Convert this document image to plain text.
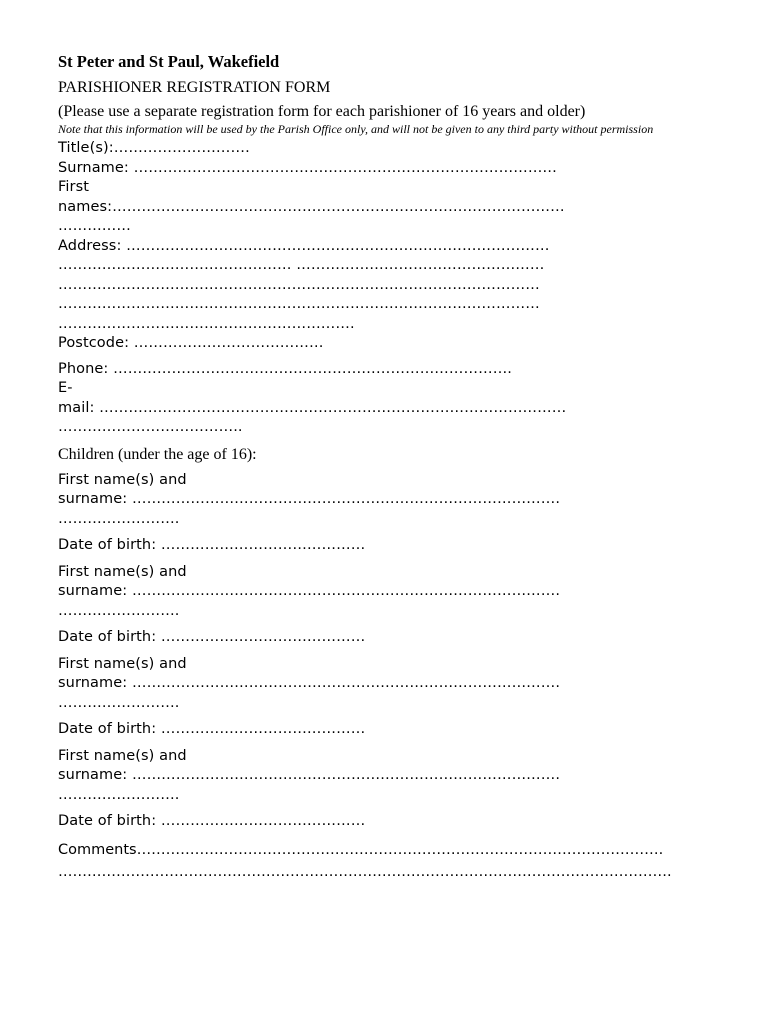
St Peter and St Paul, Wakefield

PARISHIONER REGISTRATION FORM

(Please use a separate registration form for each parishioner of 16 years and older)

Note that this information will be used by the Parish Office only, and will not be given to any third party without permission

Title(s):……………………….

Surname: ……………………………………………………………………………

First

names:…………………………………………………………………………………

……………

Address: ……………………………………………………………………………

………………………………………… ……………………………………………

………………………………………………………………………………………

………………………………………………………………………………………

…………………………………………………….

Postcode: …………………………………

Phone: ……………………………………………………………………….

E-

mail: ……………………………………………………………………………………

………………………………..

Children (under the age of 16):

First name(s) and

surname: …………………………………………………………………………….

…………………….

Date of birth: ……………………………………

First name(s) and

surname: …………………………………………………………………………….

…………………….

Date of birth: ……………………………………

First name(s) and

surname: …………………………………………………………………………….

…………………….

Date of birth: ……………………………………

First name(s) and

surname: …………………………………………………………………………….

…………………….

Date of birth: ……………………………………

Comments……………………………………………………………………………………………….

……………………………………………………………………………………………………………….
